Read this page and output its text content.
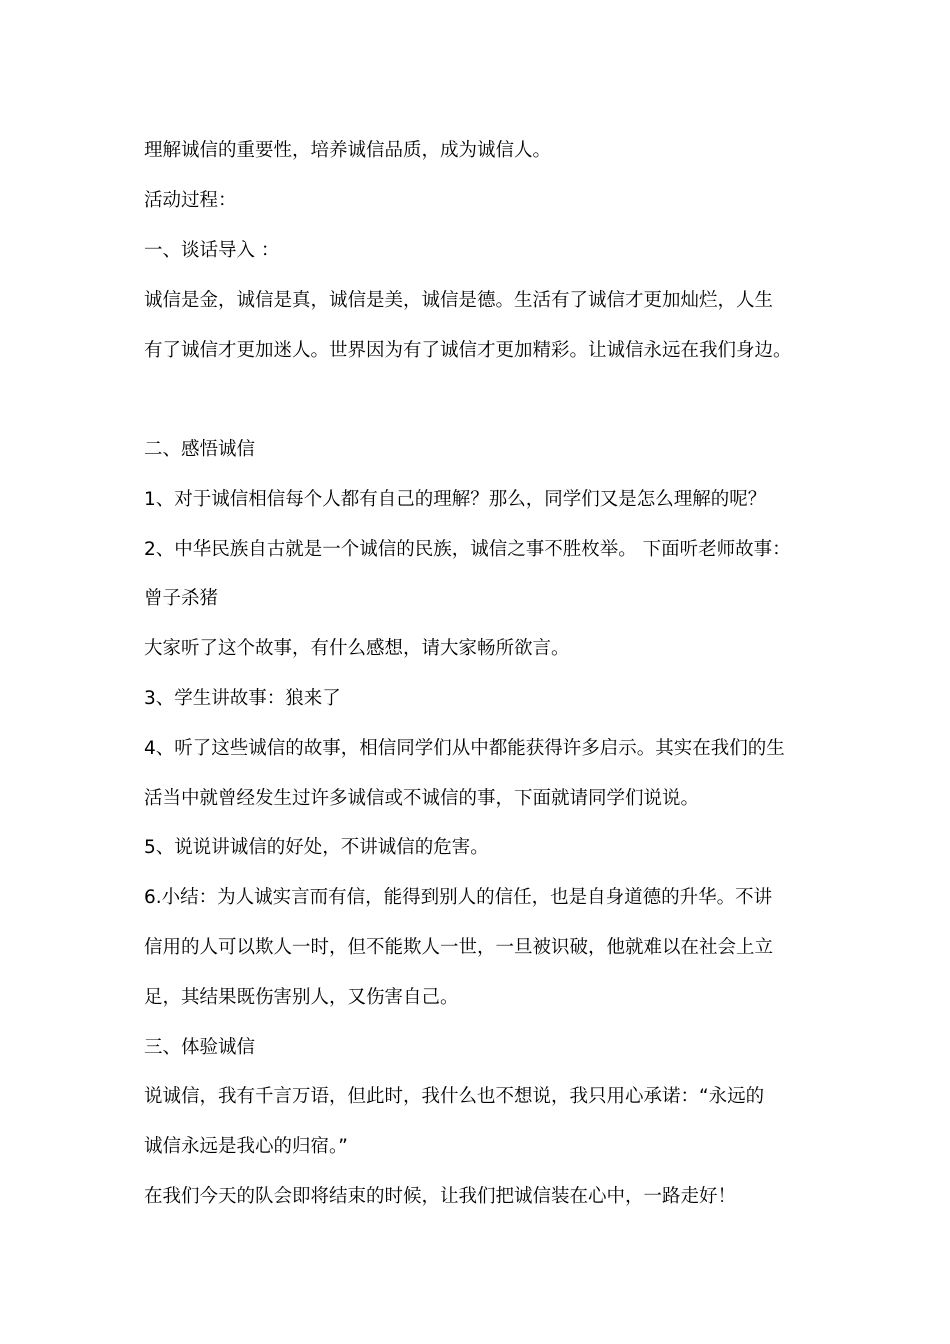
理解诚信的重要性，培养诚信品质，成为诚信人。
活动过程：
一、谈话导入 ：
诚信是金，诚信是真，诚信是美，诚信是德。生活有了诚信才更加灿烂，人生
有了诚信才更加迷人。世界因为有了诚信才更加精彩。让诚信永远在我们身边。
二、感悟诚信
1、对于诚信相信每个人都有自己的理解？那么，同学们又是怎么理解的呢？
2、中华民族自古就是一个诚信的民族，诚信之事不胜枚举。 下面听老师故事：
曾子杀猪
大家听了这个故事，有什么感想，请大家畅所欲言。
3、学生讲故事：狼来了
4、听了这些诚信的故事，相信同学们从中都能获得许多启示。其实在我们的生
活当中就曾经发生过许多诚信或不诚信的事，下面就请同学们说说。
5、说说讲诚信的好处，不讲诚信的危害。
6.小结：为人诚实言而有信，能得到别人的信任，也是自身道德的升华。不讲
信用的人可以欺人一时，但不能欺人一世，一旦被识破，他就难以在社会上立
足，其结果既伤害别人，又伤害自己。
三、体验诚信
说诚信，我有千言万语，但此时，我什么也不想说，我只用心承诺：“永远的
诚信永远是我心的归宿。”
在我们今天的队会即将结束的时候，让我们把诚信装在心中，一路走好！
